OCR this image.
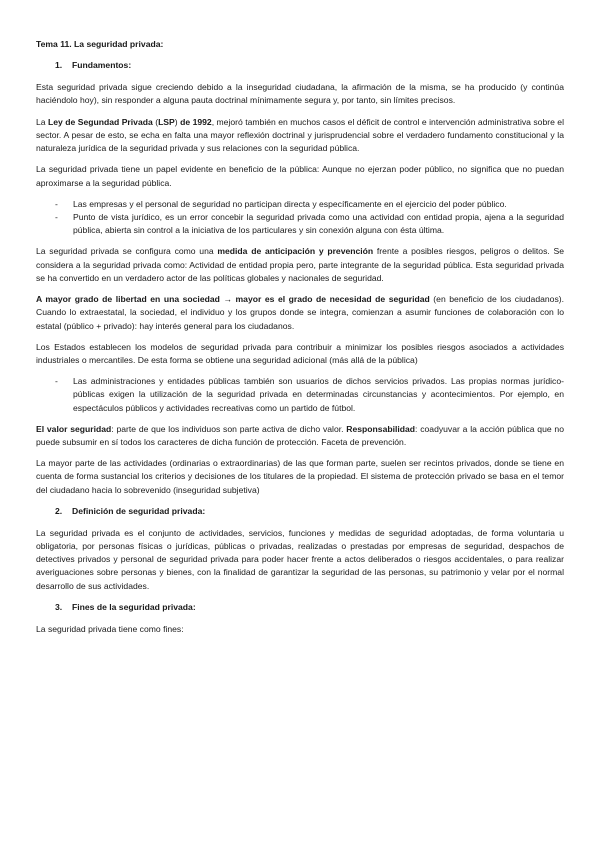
Tema 11. La seguridad privada:

1. Fundamentos:

Esta seguridad privada sigue creciendo debido a la inseguridad ciudadana, la afirmación de la misma, se ha producido (y continúa haciéndolo hoy), sin responder a alguna pauta doctrinal mínimamente segura y, por tanto, sin límites precisos.

La Ley de Segundad Privada (LSP) de 1992, mejoró también en muchos casos el déficit de control e intervención administrativa sobre el sector. A pesar de esto, se echa en falta una mayor reflexión doctrinal y jurisprudencial sobre el verdadero fundamento constitucional y la naturaleza jurídica de la seguridad privada y sus relaciones con la seguridad pública.

La seguridad privada tiene un papel evidente en beneficio de la pública: Aunque no ejerzan poder público, no significa que no puedan aproximarse a la seguridad pública.

- Las empresas y el personal de seguridad no participan directa y específicamente en el ejercicio del poder público.
- Punto de vista jurídico, es un error concebir la seguridad privada como una actividad con entidad propia, ajena a la seguridad pública, abierta sin control a la iniciativa de los particulares y sin conexión alguna con ésta última.

La seguridad privada se configura como una medida de anticipación y prevención frente a posibles riesgos, peligros o delitos. Se considera a la seguridad privada como: Actividad de entidad propia pero, parte integrante de la seguridad pública. Esta seguridad privada se ha convertido en un verdadero actor de las políticas globales y nacionales de seguridad.

A mayor grado de libertad en una sociedad → mayor es el grado de necesidad de seguridad (en beneficio de los ciudadanos). Cuando lo extraestatal, la sociedad, el individuo y los grupos donde se integra, comienzan a asumir funciones de colaboración con lo estatal (público + privado): hay interés general para los ciudadanos.

Los Estados establecen los modelos de seguridad privada para contribuir a minimizar los posibles riesgos asociados a actividades industriales o mercantiles. De esta forma se obtiene una seguridad adicional (más allá de la pública)

- Las administraciones y entidades públicas también son usuarios de dichos servicios privados. Las propias normas jurídico-públicas exigen la utilización de la seguridad privada en determinadas circunstancias y acontecimientos. Por ejemplo, en espectáculos públicos y actividades recreativas como un partido de fútbol.

El valor seguridad: parte de que los individuos son parte activa de dicho valor. Responsabilidad: coadyuvar a la acción pública que no puede subsumir en sí todos los caracteres de dicha función de protección. Faceta de prevención.

La mayor parte de las actividades (ordinarias o extraordinarias) de las que forman parte, suelen ser recintos privados, donde se tiene en cuenta de forma sustancial los criterios y decisiones de los titulares de la propiedad. El sistema de protección privado se basa en el temor del ciudadano hacia lo sobrevenido (inseguridad subjetiva)

2. Definición de seguridad privada:

La seguridad privada es el conjunto de actividades, servicios, funciones y medidas de seguridad adoptadas, de forma voluntaria u obligatoria, por personas físicas o jurídicas, públicas o privadas, realizadas o prestadas por empresas de seguridad, despachos de detectives privados y personal de seguridad privada para poder hacer frente a actos deliberados o riesgos accidentales, o para realizar averiguaciones sobre personas y bienes, con la finalidad de garantizar la seguridad de las personas, su patrimonio y velar por el normal desarrollo de sus actividades.

3. Fines de la seguridad privada:

La seguridad privada tiene como fines:
